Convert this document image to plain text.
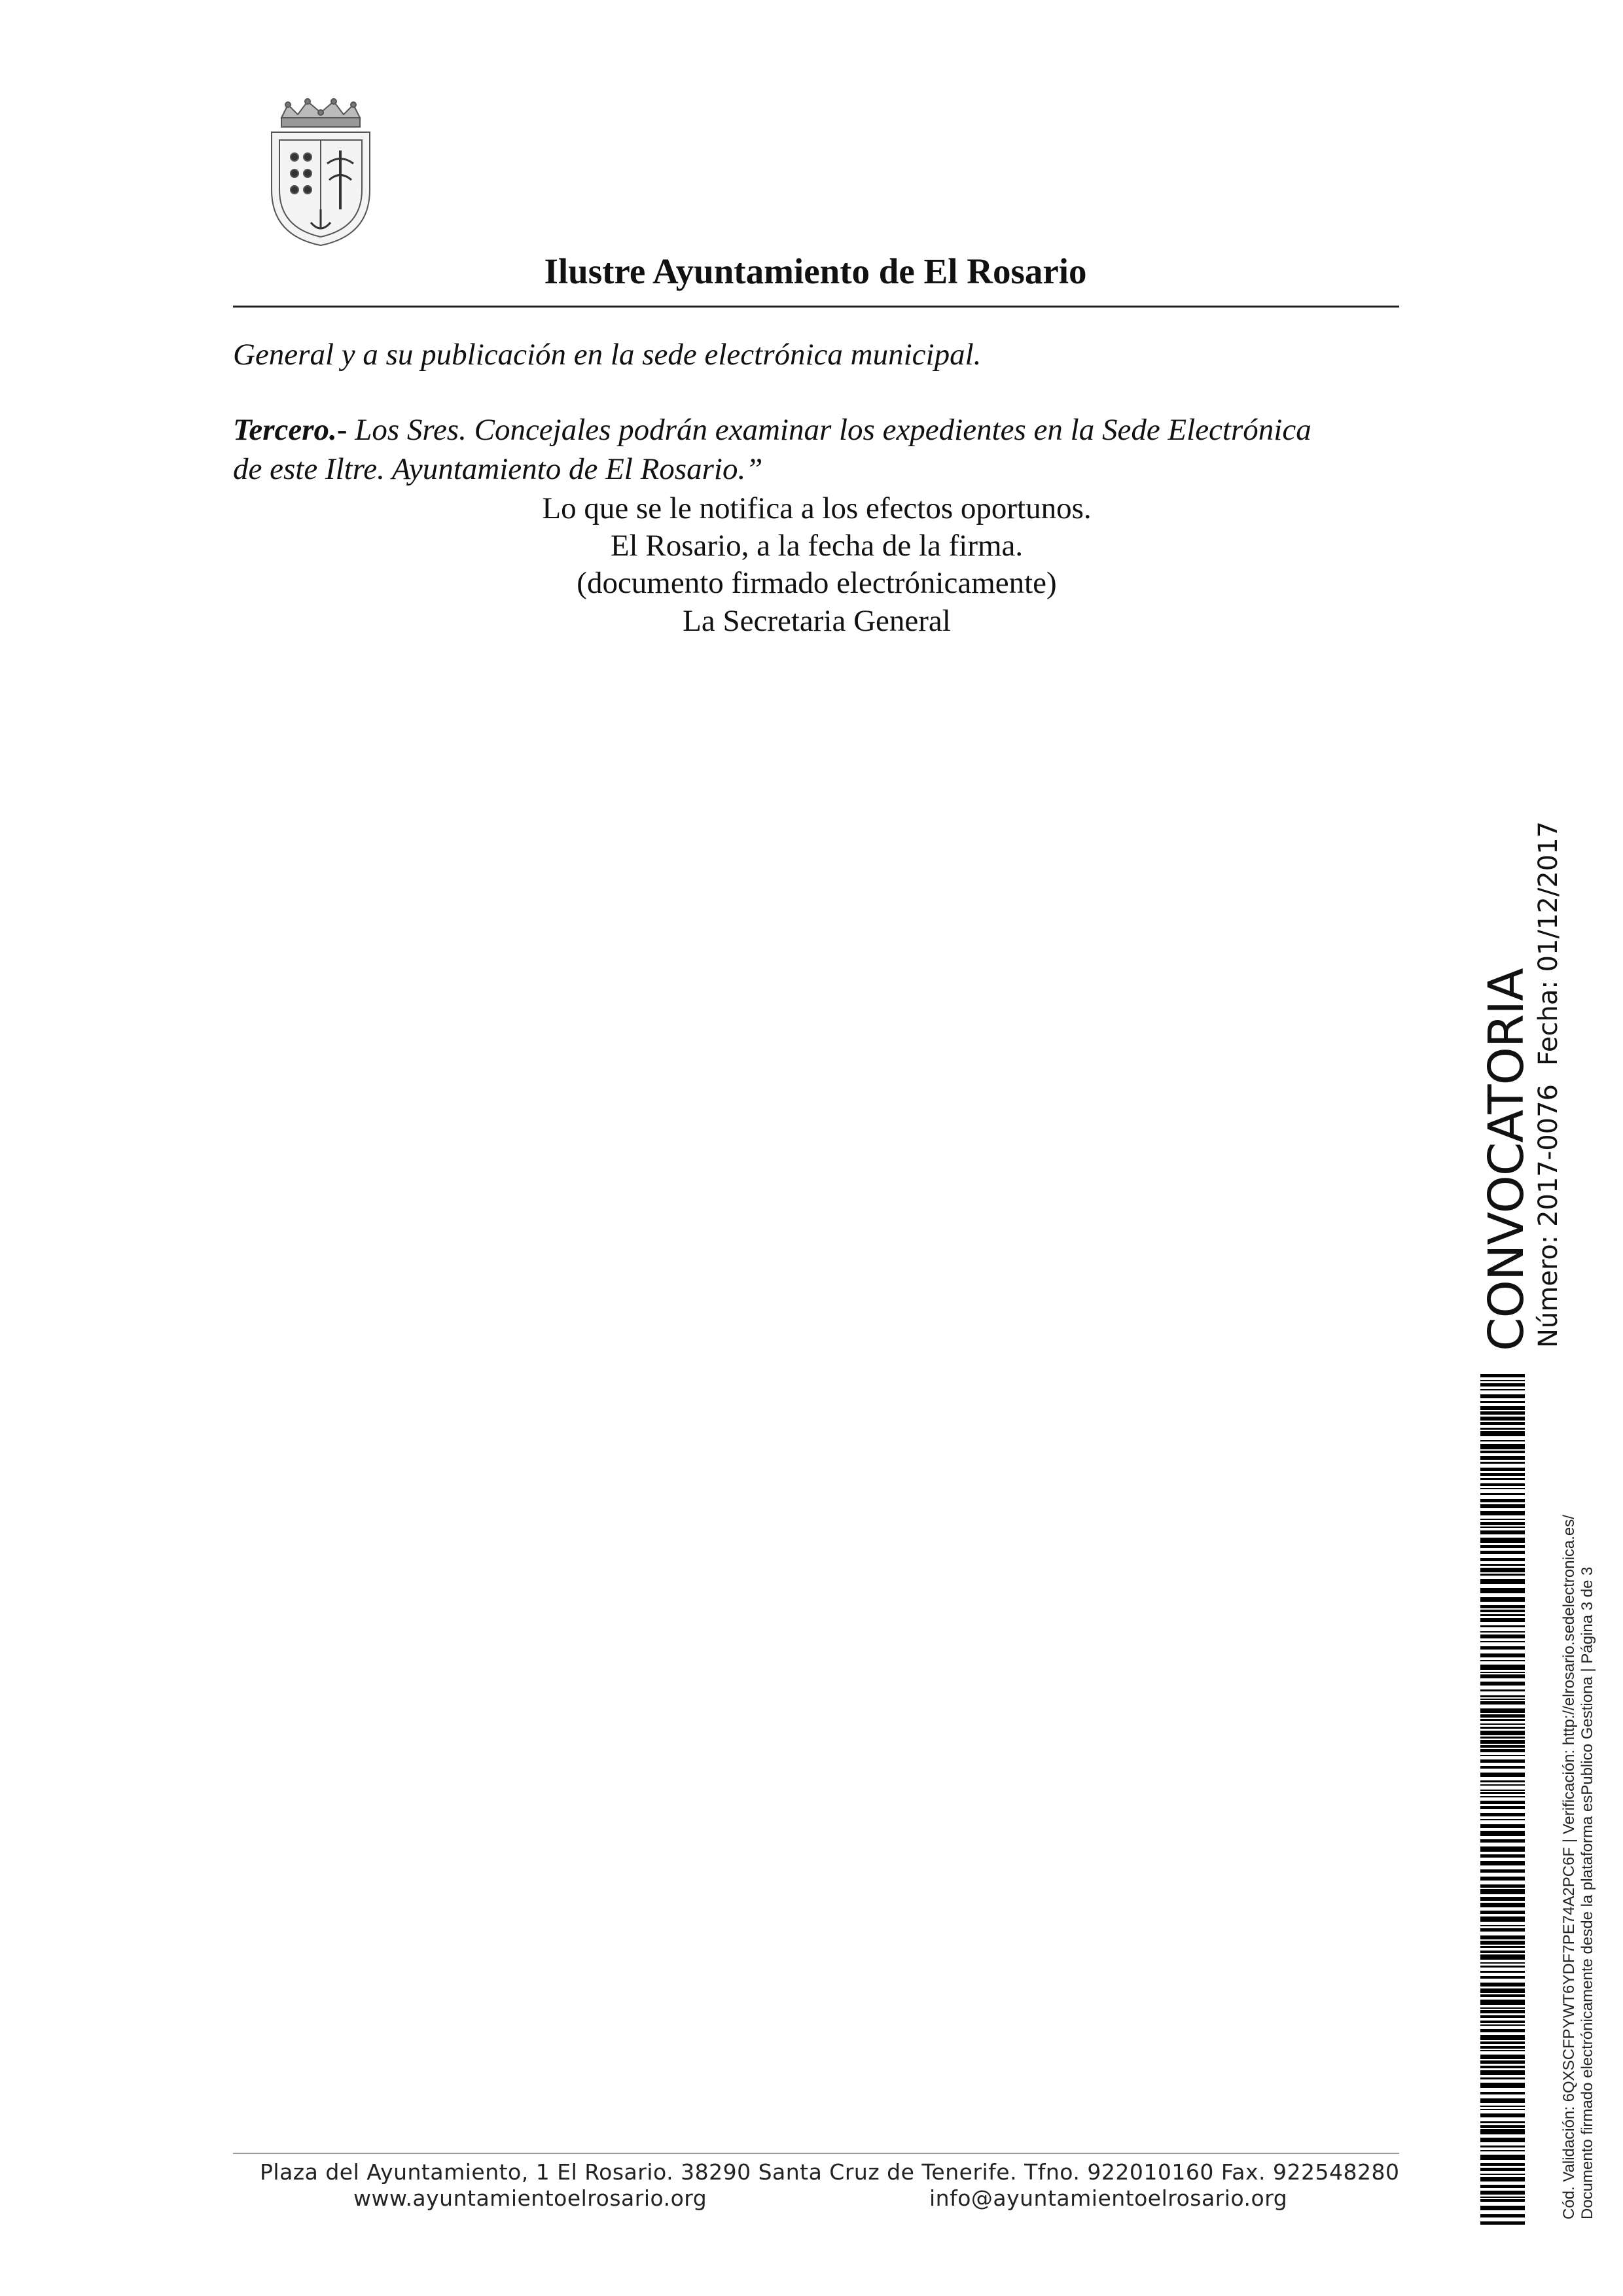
Ilustre Ayuntamiento de El Rosario
General y a su publicación en la sede electrónica municipal.
Tercero.- Los Sres. Concejales podrán examinar los expedientes en la Sede Electrónica
de este Iltre. Ayuntamiento de El Rosario.”
Lo que se le notifica a los efectos oportunos.
El Rosario, a la fecha de la firma.
(documento firmado electrónicamente)
La Secretaria General
Plaza del Ayuntamiento, 1 El Rosario. 38290 Santa Cruz de Tenerife. Tfno. 922010160 Fax. 922548280
www.ayuntamientoelrosario.org	info@ayuntamientoelrosario.org
CONVOCATORIA
Número: 2017-0076Fecha: 01/12/2017
Cód. Validación: 6QXSCFPYWT6YDF7PE74A2PC6F | Verificación: http://elrosario.sedelectronica.es/ Documento firmado electrónicamente desde la plataforma esPublico Gestiona | Página 3 de 3
